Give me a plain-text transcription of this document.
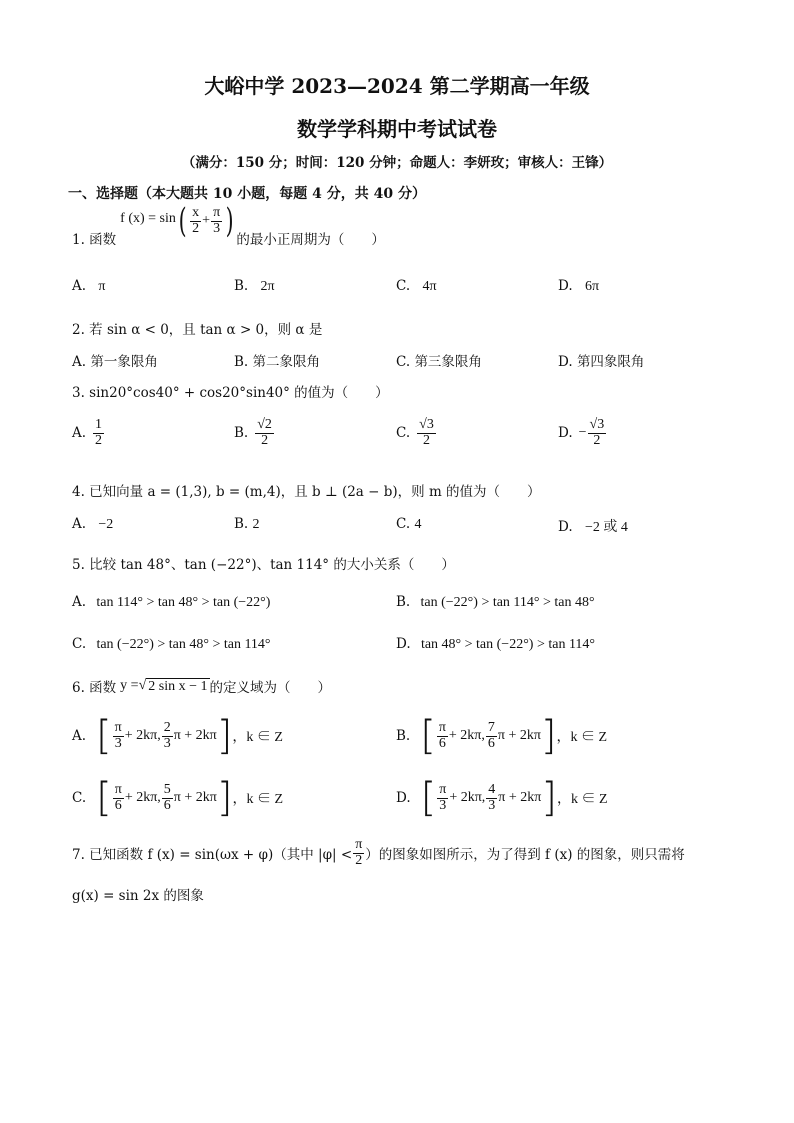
大峪中学 2023—2024 第二学期高一年级
数学学科期中考试试卷
（满分：150 分；时间：120 分钟；命题人：李妍玫；审核人：王锋）
一、选择题（本大题共 10 小题，每题 4 分，共 40 分）
1. 函数
f (x) = sin ( $\frac{x}{2} + \frac{\pi}{3}$ ) 的最小正周期为（　　）
A. π	B. 2π	C. 4π	D. 6π
2. 若 sin α < 0，且 tan α > 0，则 α 是
A. 第一象限角	B. 第二象限角	C. 第三象限角	D. 第四象限角
3. sin20°cos40° + cos20°sin40° 的值为（　　）
A. $\frac{1}{2}$	B. $\frac{√2}{2}$	C. $\frac{√3}{2}$	D. − $\frac{√3}{2}$
4. 已知向量 a = (1,3), b = (m,4)，且 b ⊥ (2a − b)，则 m 的值为（　　）
A. −2	B. 2	C. 4	D. −2 或 4
5. 比较 tan 48°、tan (−22°)、tan 114° 的大小关系（　　）
A. tan 114° > tan 48° > tan (−22°)	B. tan (−22°) > tan 114° > tan 48°
C. tan (−22°) > tan 48° > tan 114°	D. tan 48° > tan (−22°) > tan 114°
6. 函数 y = √ 2 sin x − 1 的定义域为（　　）
A. [ $\frac{\pi}{3} + 2k\pi$, $\frac{2}{3}$ π + 2kπ ] ，k ∈ Z	B. [ $\frac{\pi}{6} + 2k\pi$, $\frac{7}{6}$ π + 2kπ ] ，k ∈ Z
C. [ $\frac{\pi}{6} + 2k\pi$, $\frac{5}{6}$ π + 2kπ ] ，k ∈ Z	D. [ $\frac{\pi}{3} + 2k\pi$, $\frac{4}{3}$ π + 2kπ ] ，k ∈ Z
7. 已知函数 f (x) = sin(ωx + φ)（其中 $|\varphi| < \frac{\pi}{2}$ ）的图象如图所示，为了得到 f (x) 的图象，则只需将
g(x) = sin 2x 的图象
